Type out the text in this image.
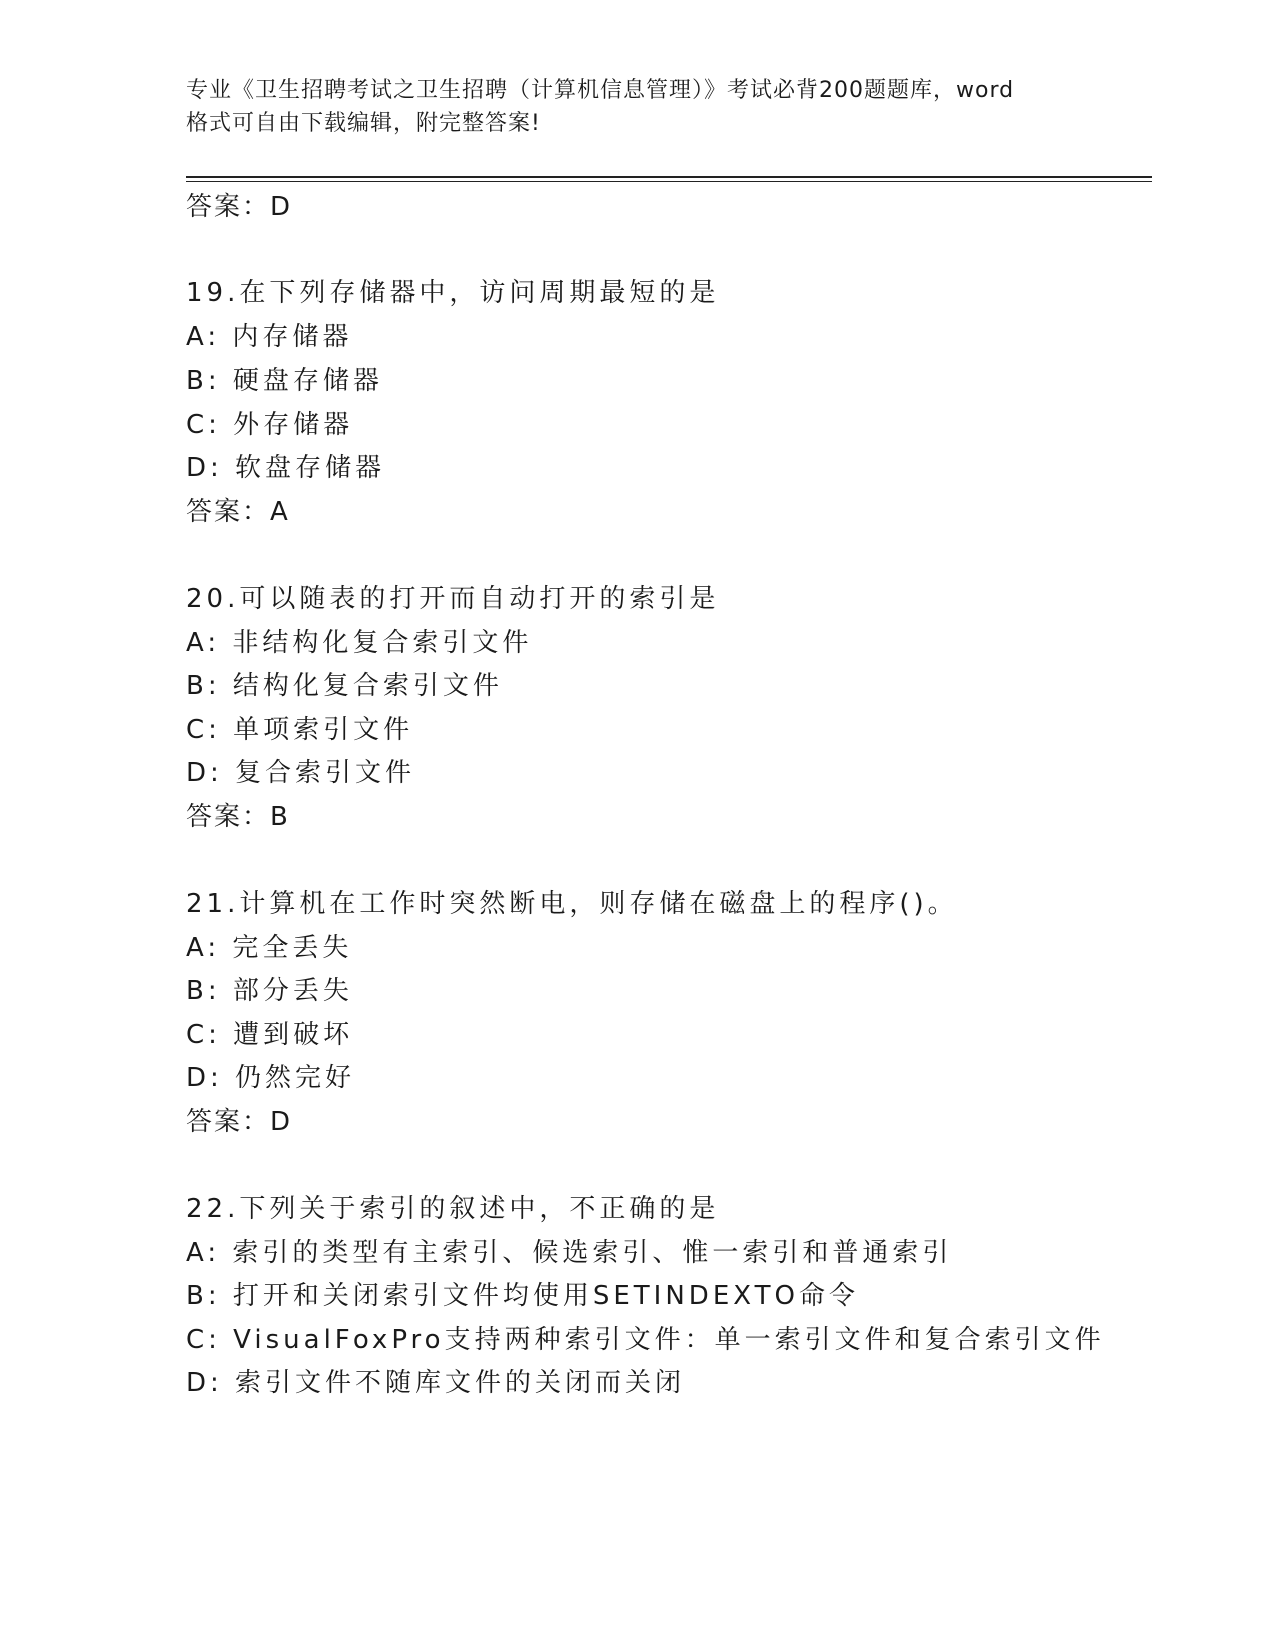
专业《卫生招聘考试之卫生招聘（计算机信息管理）》考试必背200题题库，word
格式可自由下载编辑，附完整答案!
答案：D
19.在下列存储器中，访问周期最短的是
A: 内存储器
B: 硬盘存储器
C: 外存储器
D: 软盘存储器
答案：A
20.可以随表的打开而自动打开的索引是
A: 非结构化复合索引文件
B: 结构化复合索引文件
C: 单项索引文件
D: 复合索引文件
答案：B
21.计算机在工作时突然断电，则存储在磁盘上的程序()。
A: 完全丢失
B: 部分丢失
C: 遭到破坏
D: 仍然完好
答案：D
22.下列关于索引的叙述中，不正确的是
A: 索引的类型有主索引、候选索引、惟一索引和普通索引
B: 打开和关闭索引文件均使用SETINDEXTO命令
C: VisualFoxPro支持两种索引文件：单一索引文件和复合索引文件
D: 索引文件不随库文件的关闭而关闭
